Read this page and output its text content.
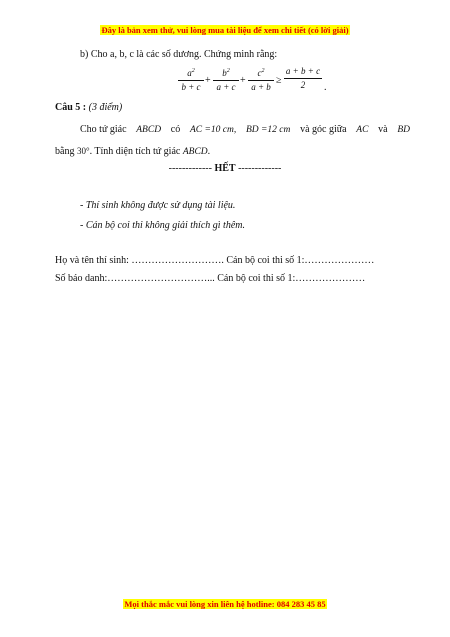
Đây là bản xem thử, vui lòng mua tài liệu để xem chi tiết (có lời giải)
b) Cho a, b, c là các số dương. Chứng minh rằng:
$\frac{a^2}{b + c} + \frac{b^2}{a + c} + \frac{c^2}{a + b} \ge \frac{a + b + c}{2}$ .
Câu 5 : (3 điểm)
Cho tứ giác ABCD có AC =10 cm, BD =12 cm và góc giữa AC và BD
bằng 30°. Tính diện tích tứ giác ABCD.
------------- HẾT -------------
- Thí sinh không được sử dụng tài liệu.
- Cán bộ coi thi không giải thích gì thêm.
Họ và tên thí sinh: ………………………. Cán bộ coi thi số 1:…………………
Số báo danh:…………………………... Cán bộ coi thi số 1:…………………
Mọi thắc mắc vui lòng xin liên hệ hotline: 084 283 45 85
